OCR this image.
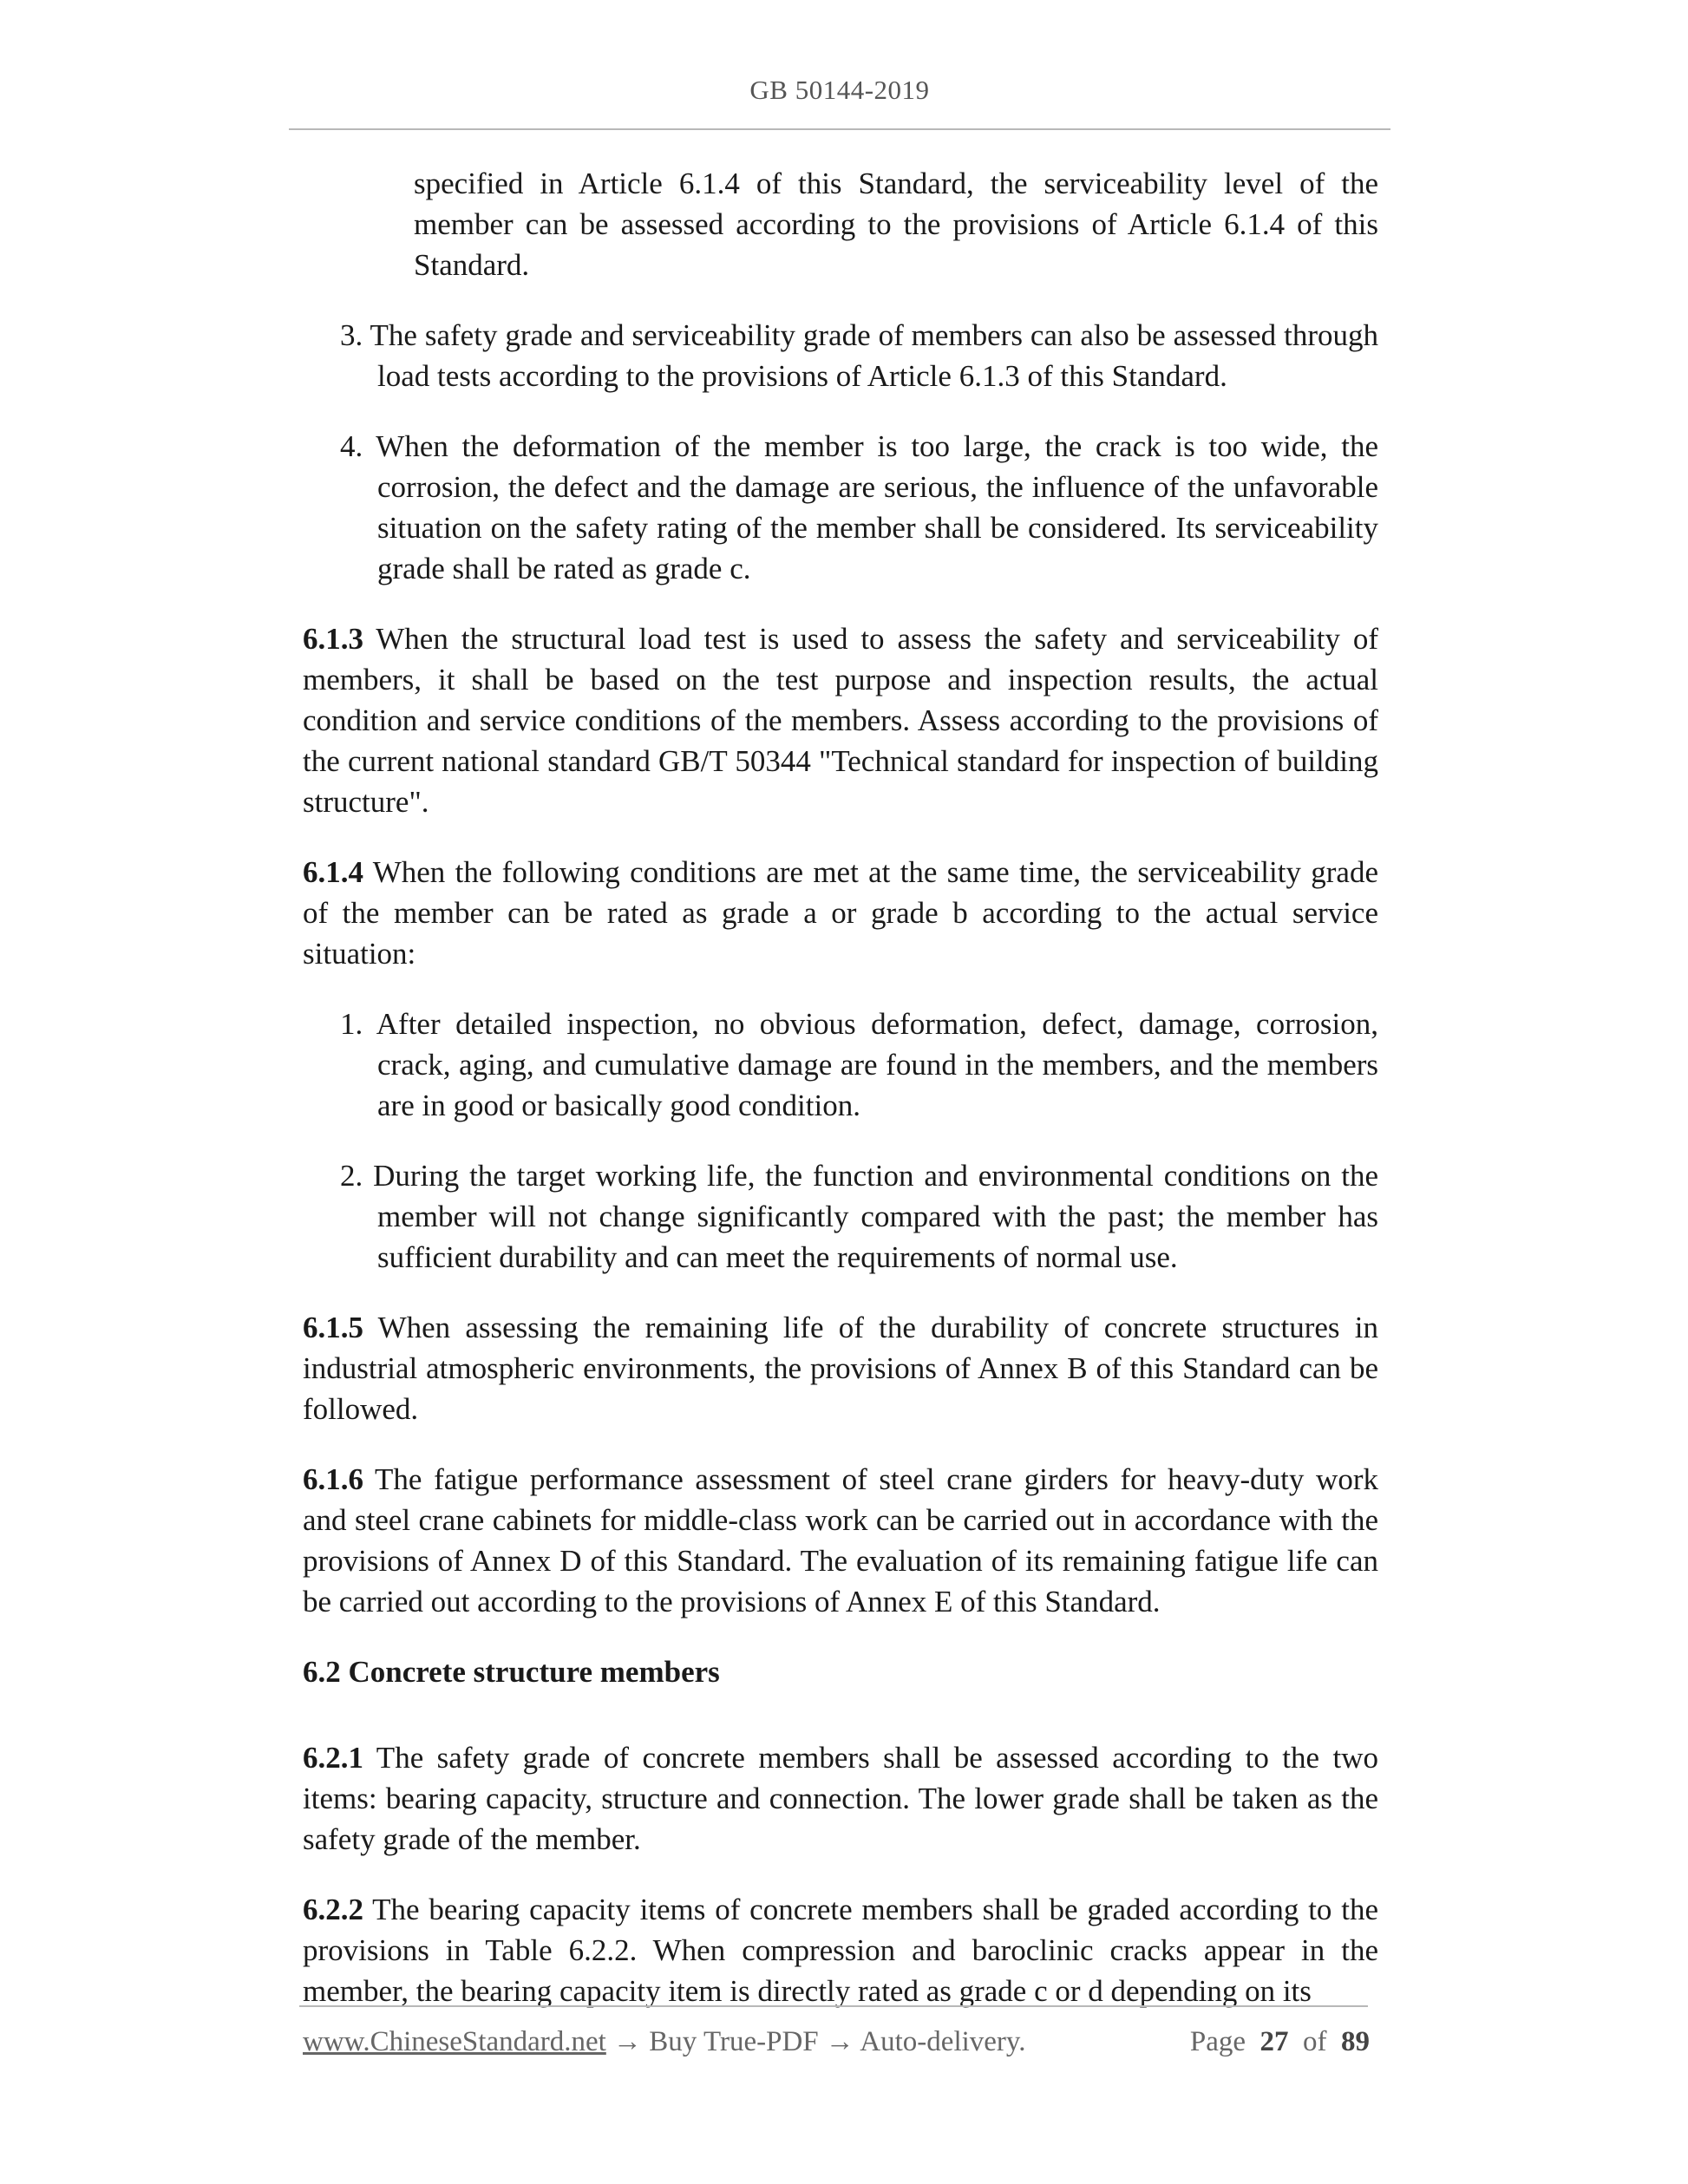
GB 50144-2019

specified in Article 6.1.4 of this Standard, the serviceability level of the member can be assessed according to the provisions of Article 6.1.4 of this Standard.

3. The safety grade and serviceability grade of members can also be assessed through load tests according to the provisions of Article 6.1.3 of this Standard.

4. When the deformation of the member is too large, the crack is too wide, the corrosion, the defect and the damage are serious, the influence of the unfavorable situation on the safety rating of the member shall be considered. Its serviceability grade shall be rated as grade c.

6.1.3 When the structural load test is used to assess the safety and serviceability of members, it shall be based on the test purpose and inspection results, the actual condition and service conditions of the members. Assess according to the provisions of the current national standard GB/T 50344 "Technical standard for inspection of building structure".

6.1.4 When the following conditions are met at the same time, the serviceability grade of the member can be rated as grade a or grade b according to the actual service situation:

1. After detailed inspection, no obvious deformation, defect, damage, corrosion, crack, aging, and cumulative damage are found in the members, and the members are in good or basically good condition.

2. During the target working life, the function and environmental conditions on the member will not change significantly compared with the past; the member has sufficient durability and can meet the requirements of normal use.

6.1.5 When assessing the remaining life of the durability of concrete structures in industrial atmospheric environments, the provisions of Annex B of this Standard can be followed.

6.1.6 The fatigue performance assessment of steel crane girders for heavy-duty work and steel crane cabinets for middle-class work can be carried out in accordance with the provisions of Annex D of this Standard. The evaluation of its remaining fatigue life can be carried out according to the provisions of Annex E of this Standard.

6.2 Concrete structure members

6.2.1 The safety grade of concrete members shall be assessed according to the two items: bearing capacity, structure and connection. The lower grade shall be taken as the safety grade of the member.

6.2.2 The bearing capacity items of concrete members shall be graded according to the provisions in Table 6.2.2. When compression and baroclinic cracks appear in the member, the bearing capacity item is directly rated as grade c or d depending on its

www.ChineseStandard.net → Buy True-PDF → Auto-delivery.	Page 27 of 89
